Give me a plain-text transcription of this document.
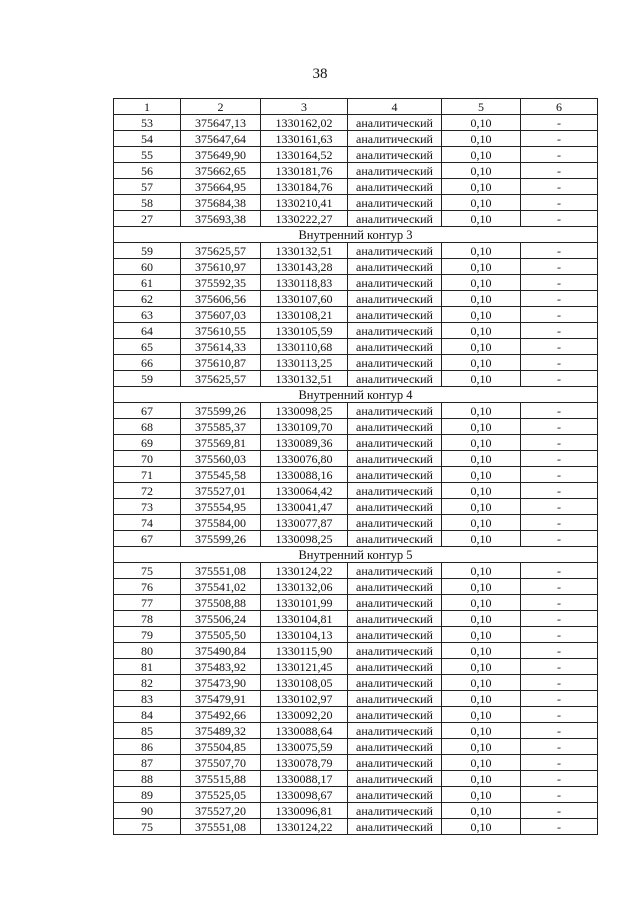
38
1	2	3	4	5	6
53	375647,13	1330162,02	аналитический	0,10	-
54	375647,64	1330161,63	аналитический	0,10	-
55	375649,90	1330164,52	аналитический	0,10	-
56	375662,65	1330181,76	аналитический	0,10	-
57	375664,95	1330184,76	аналитический	0,10	-
58	375684,38	1330210,41	аналитический	0,10	-
27	375693,38	1330222,27	аналитический	0,10	-
Внутренний контур 3					
59	375625,57	1330132,51	аналитический	0,10	-
60	375610,97	1330143,28	аналитический	0,10	-
61	375592,35	1330118,83	аналитический	0,10	-
62	375606,56	1330107,60	аналитический	0,10	-
63	375607,03	1330108,21	аналитический	0,10	-
64	375610,55	1330105,59	аналитический	0,10	-
65	375614,33	1330110,68	аналитический	0,10	-
66	375610,87	1330113,25	аналитический	0,10	-
59	375625,57	1330132,51	аналитический	0,10	-
Внутренний контур 4					
67	375599,26	1330098,25	аналитический	0,10	-
68	375585,37	1330109,70	аналитический	0,10	-
69	375569,81	1330089,36	аналитический	0,10	-
70	375560,03	1330076,80	аналитический	0,10	-
71	375545,58	1330088,16	аналитический	0,10	-
72	375527,01	1330064,42	аналитический	0,10	-
73	375554,95	1330041,47	аналитический	0,10	-
74	375584,00	1330077,87	аналитический	0,10	-
67	375599,26	1330098,25	аналитический	0,10	-
Внутренний контур 5					
75	375551,08	1330124,22	аналитический	0,10	-
76	375541,02	1330132,06	аналитический	0,10	-
77	375508,88	1330101,99	аналитический	0,10	-
78	375506,24	1330104,81	аналитический	0,10	-
79	375505,50	1330104,13	аналитический	0,10	-
80	375490,84	1330115,90	аналитический	0,10	-
81	375483,92	1330121,45	аналитический	0,10	-
82	375473,90	1330108,05	аналитический	0,10	-
83	375479,91	1330102,97	аналитический	0,10	-
84	375492,66	1330092,20	аналитический	0,10	-
85	375489,32	1330088,64	аналитический	0,10	-
86	375504,85	1330075,59	аналитический	0,10	-
87	375507,70	1330078,79	аналитический	0,10	-
88	375515,88	1330088,17	аналитический	0,10	-
89	375525,05	1330098,67	аналитический	0,10	-
90	375527,20	1330096,81	аналитический	0,10	-
75	375551,08	1330124,22	аналитический	0,10	-
